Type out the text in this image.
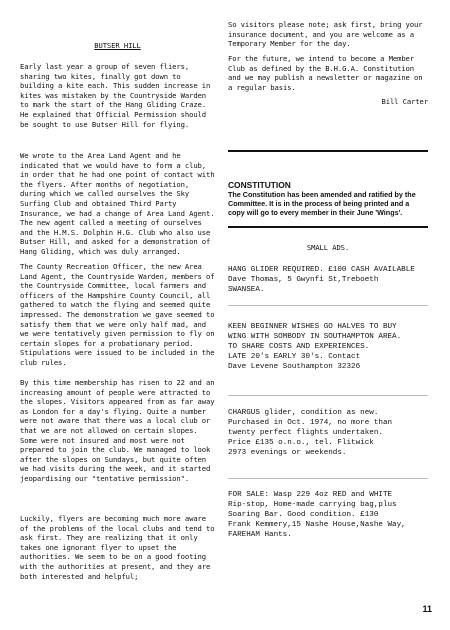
BUTSER HILL

Early last year a group of seven fliers, sharing two kites, finally got down to building a kite each. This sudden increase in kites was mistaken by the Countryside Warden to mark the start of the Hang Gliding Craze. He explained that Official Permission should be sought to use Butser Hill for flying.

We wrote to the Area Land Agent and he indicated that we would have to form a club, in order that he had one point of contact with the flyers. After months of negotiation, during which we called ourselves the Sky Surfing Club and obtained Third Party Insurance, we had a change of Area Land Agent. The new agent called a meeting of ourselves and the H.M.S. Dolphin H.G. Club who also use Butser Hill, and asked for a demonstration of Hang Gliding, which was duly arranged.

The County Recreation Officer, the new Area Land Agent, the Countryside Warden, members of the Countryside Committee, local farmers and officers of the Hampshire County Council, all gathered to watch the flying and seemed quite impressed. The demonstration we gave seemed to satisfy them that we were only half mad, and we were tentatively given permission to fly on certain slopes for a probationary period. Stipulations were issued to be included in the club rules.

By this time membership has risen to 22 and an increasing amount of people were attracted to the slopes. Visitors appeared from as far away as London for a day's flying. Quite a number were not aware that there was a local club or that we are not allowed on certain slopes. Some were not insured and most were not prepared to join the club. We managed to look after the slopes on Sundays, but quite often we had visits during the week, and it started jeopardising our "tentative permission".

Luckily, flyers are becoming much more aware of the problems of the local clubs and tend to ask first. They are realizing that it only takes one ignorant flyer to upset the authorities. We seem to be on a good footing with the authorities at present, and they are both interested and helpful;

So visitors please note; ask first, bring your insurance document, and you are welcome as a Temporary Member for the day.

For the future, we intend to become a Member Club as defined by the B.H.G.A. Constitution and we may publish a newsletter or magazine on a regular basis.

Bill Carter

CONSTITUTION

The Constitution has been amended and ratified by the Committee. It is in the process of being printed and a copy will go to every member in their June 'Wings'.

SMALL ADS.

HANG GLIDER REQUIRED. £100 CASH AVAILABLE

Dave Thomas, 5 Gwynfi St,Treboeth

SWANSEA.

KEEN BEGINNER WISHES GO HALVES TO BUY

WING WITH SOMBODY IN SOUTHAMPTON AREA.

TO SHARE COSTS AND EXPERIENCES.

LATE 20's EARLY 30's. Contact

Dave Levene Southampton 32326

CHARGUS glider, condition as new.

Purchased in Oct. 1974, no more than

twenty perfect flights undertaken.

Price £135 o.n.o., tel. Flitwick

2973 evenings or weekends.

FOR SALE: Wasp 229 4oz RED and WHITE

Rip-stop, Home-made carrying bag,plus

Soaring Bar. Good condition. £130

Frank Kemmery,15 Nashe House,Nashe Way,

FAREHAM Hants.

11
